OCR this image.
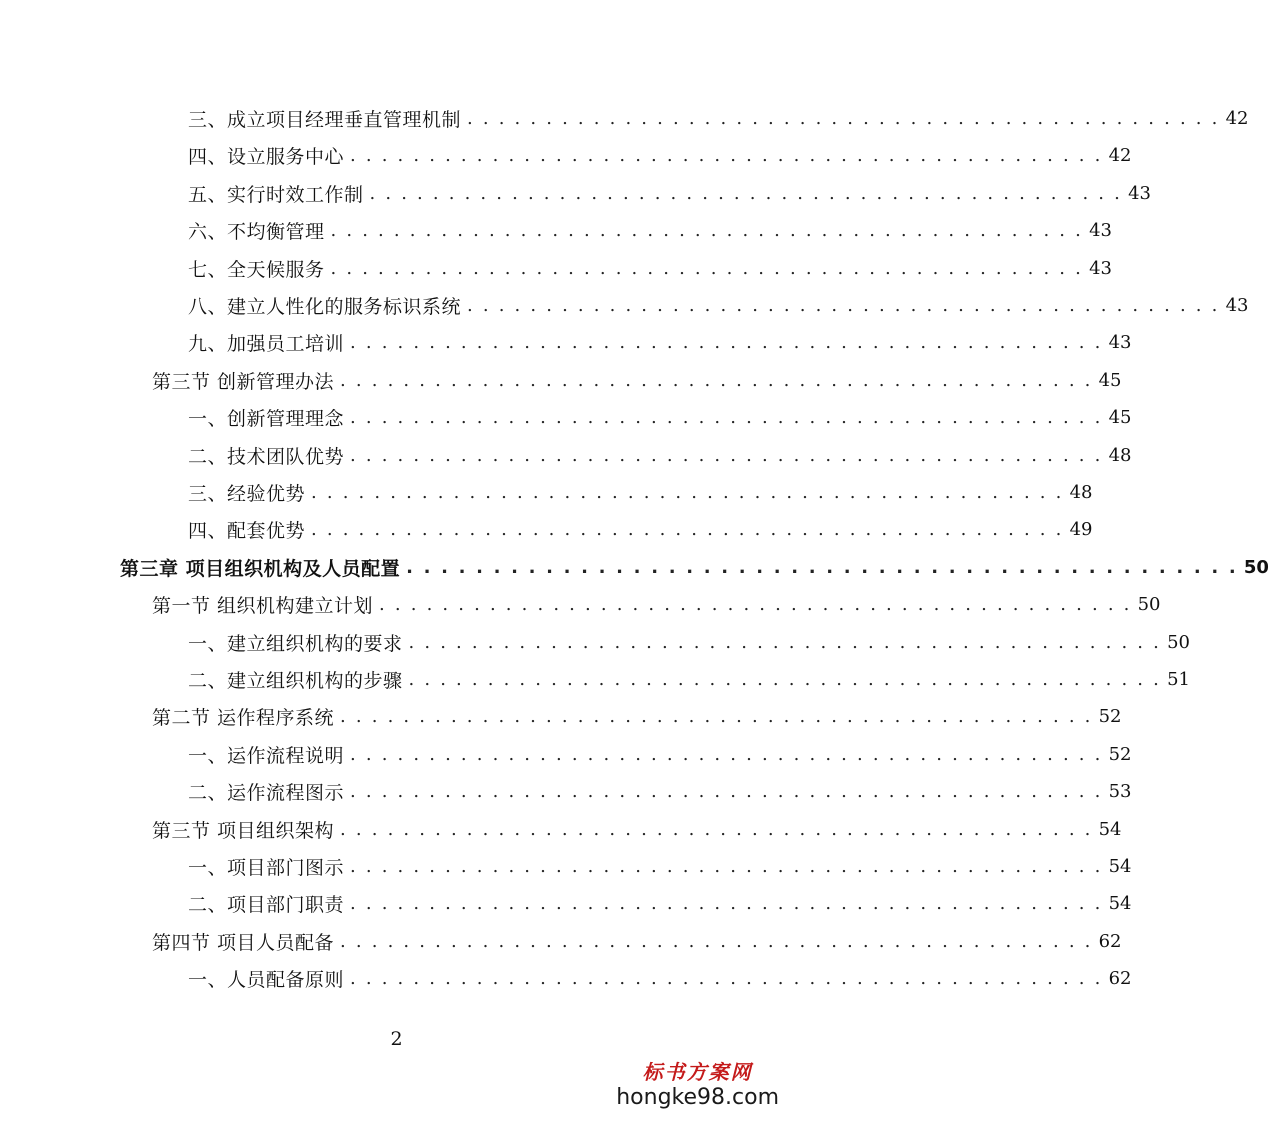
三、成立项目经理垂直管理机制 . . . . . . . . . . . . . . . . . . . . . . . . . . . . . . . . . . . . . . . . . . . . . . . . 42
四、设立服务中心 . . . . . . . . . . . . . . . . . . . . . . . . . . . . . . . . . . . . . . . . . . . . . . . . 42
五、实行时效工作制 . . . . . . . . . . . . . . . . . . . . . . . . . . . . . . . . . . . . . . . . . . . . . . . . 43
六、不均衡管理 . . . . . . . . . . . . . . . . . . . . . . . . . . . . . . . . . . . . . . . . . . . . . . . . 43
七、全天候服务 . . . . . . . . . . . . . . . . . . . . . . . . . . . . . . . . . . . . . . . . . . . . . . . . 43
八、建立人性化的服务标识系统 . . . . . . . . . . . . . . . . . . . . . . . . . . . . . . . . . . . . . . . . . . . . . . . . 43
九、加强员工培训 . . . . . . . . . . . . . . . . . . . . . . . . . . . . . . . . . . . . . . . . . . . . . . . . 43
第三节 创新管理办法 . . . . . . . . . . . . . . . . . . . . . . . . . . . . . . . . . . . . . . . . . . . . . . . . 45
一、创新管理理念 . . . . . . . . . . . . . . . . . . . . . . . . . . . . . . . . . . . . . . . . . . . . . . . . 45
二、技术团队优势 . . . . . . . . . . . . . . . . . . . . . . . . . . . . . . . . . . . . . . . . . . . . . . . . 48
三、经验优势 . . . . . . . . . . . . . . . . . . . . . . . . . . . . . . . . . . . . . . . . . . . . . . . . 48
四、配套优势 . . . . . . . . . . . . . . . . . . . . . . . . . . . . . . . . . . . . . . . . . . . . . . . . 49
第三章 项目组织机构及人员配置 . . . . . . . . . . . . . . . . . . . . . . . . . . . . . . . . . . . . . . . . . . . . . . . . 50
第一节 组织机构建立计划 . . . . . . . . . . . . . . . . . . . . . . . . . . . . . . . . . . . . . . . . . . . . . . . . 50
一、建立组织机构的要求 . . . . . . . . . . . . . . . . . . . . . . . . . . . . . . . . . . . . . . . . . . . . . . . . 50
二、建立组织机构的步骤 . . . . . . . . . . . . . . . . . . . . . . . . . . . . . . . . . . . . . . . . . . . . . . . . 51
第二节 运作程序系统 . . . . . . . . . . . . . . . . . . . . . . . . . . . . . . . . . . . . . . . . . . . . . . . . 52
一、运作流程说明 . . . . . . . . . . . . . . . . . . . . . . . . . . . . . . . . . . . . . . . . . . . . . . . . 52
二、运作流程图示 . . . . . . . . . . . . . . . . . . . . . . . . . . . . . . . . . . . . . . . . . . . . . . . . 53
第三节 项目组织架构 . . . . . . . . . . . . . . . . . . . . . . . . . . . . . . . . . . . . . . . . . . . . . . . . 54
一、项目部门图示 . . . . . . . . . . . . . . . . . . . . . . . . . . . . . . . . . . . . . . . . . . . . . . . . 54
二、项目部门职责 . . . . . . . . . . . . . . . . . . . . . . . . . . . . . . . . . . . . . . . . . . . . . . . . 54
第四节 项目人员配备 . . . . . . . . . . . . . . . . . . . . . . . . . . . . . . . . . . . . . . . . . . . . . . . . 62
一、人员配备原则 . . . . . . . . . . . . . . . . . . . . . . . . . . . . . . . . . . . . . . . . . . . . . . . . 62
2
标书方案网
hongke98.com
